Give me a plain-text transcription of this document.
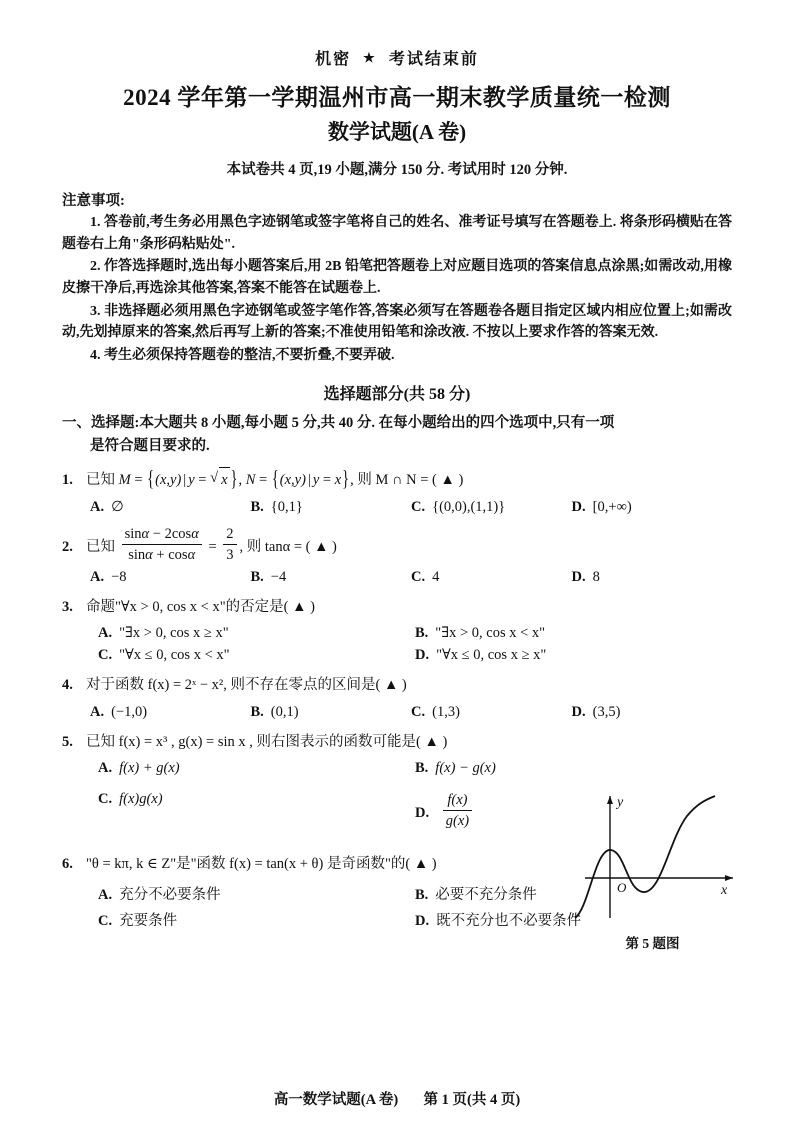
机密 ★ 考试结束前
2024 学年第一学期温州市高一期末教学质量统一检测
数学试题(A 卷)
本试卷共 4 页,19 小题,满分 150 分. 考试用时 120 分钟.
注意事项:
1. 答卷前,考生务必用黑色字迹钢笔或签字笔将自己的姓名、准考证号填写在答题卷上. 将条形码横贴在答题卷右上角"条形码粘贴处".
2. 作答选择题时,选出每小题答案后,用 2B 铅笔把答题卷上对应题目选项的答案信息点涂黑;如需改动,用橡皮擦干净后,再选涂其他答案,答案不能答在试题卷上.
3. 非选择题必须用黑色字迹钢笔或签字笔作答,答案必须写在答题卷各题目指定区域内相应位置上;如需改动,先划掉原来的答案,然后再写上新的答案;不准使用铅笔和涂改液. 不按以上要求作答的答案无效.
4. 考生必须保持答题卷的整洁,不要折叠,不要弄破.
选择题部分(共 58 分)
一、选择题:本大题共 8 小题,每小题 5 分,共 40 分. 在每小题给出的四个选项中,只有一项
是符合题目要求的.
1. 已知 M = {(x,y) | y = √ x }, N = {(x,y) | y = x}, 则 M ∩ N = ( ▲ )
A. ∅	B. {0,1}	C. {(0,0),(1,1)}	D. [0,+∞)
2. 已知 $\frac{\sin\alpha - 2\cos\alpha}{\sin\alpha + \cos\alpha} = \frac{2}{3}$ , 则 tanα = ( ▲ )
A. −8	B. −4	C. 4	D. 8
3. 命题"∀x > 0, cos x < x"的否定是( ▲ )
A. "∃x > 0, cos x ≥ x"	B. "∃x > 0, cos x < x"
C. "∀x ≤ 0, cos x < x"	D. "∀x ≤ 0, cos x ≥ x"
4. 对于函数 f(x) = 2ˣ − x², 则不存在零点的区间是( ▲ )
A. (−1,0)	B. (0,1)	C. (1,3)	D. (3,5)
5. 已知 f(x) = x³ , g(x) = sin x , 则右图表示的函数可能是( ▲ )
A. f(x) + g(x)	B. f(x) − g(x)
C. f(x)g(x)
D. $\frac{f(x)}{g(x)}$
6. "θ = kπ, k ∈ Z"是"函数 f(x) = tan(x + θ) 是奇函数"的( ▲ )
A. 充分不必要条件	B. 必要不充分条件
C. 充要条件	D. 既不充分也不必要条件
O	x
y
第 5 题图
高一数学试题(A 卷) 第 1 页(共 4 页)
